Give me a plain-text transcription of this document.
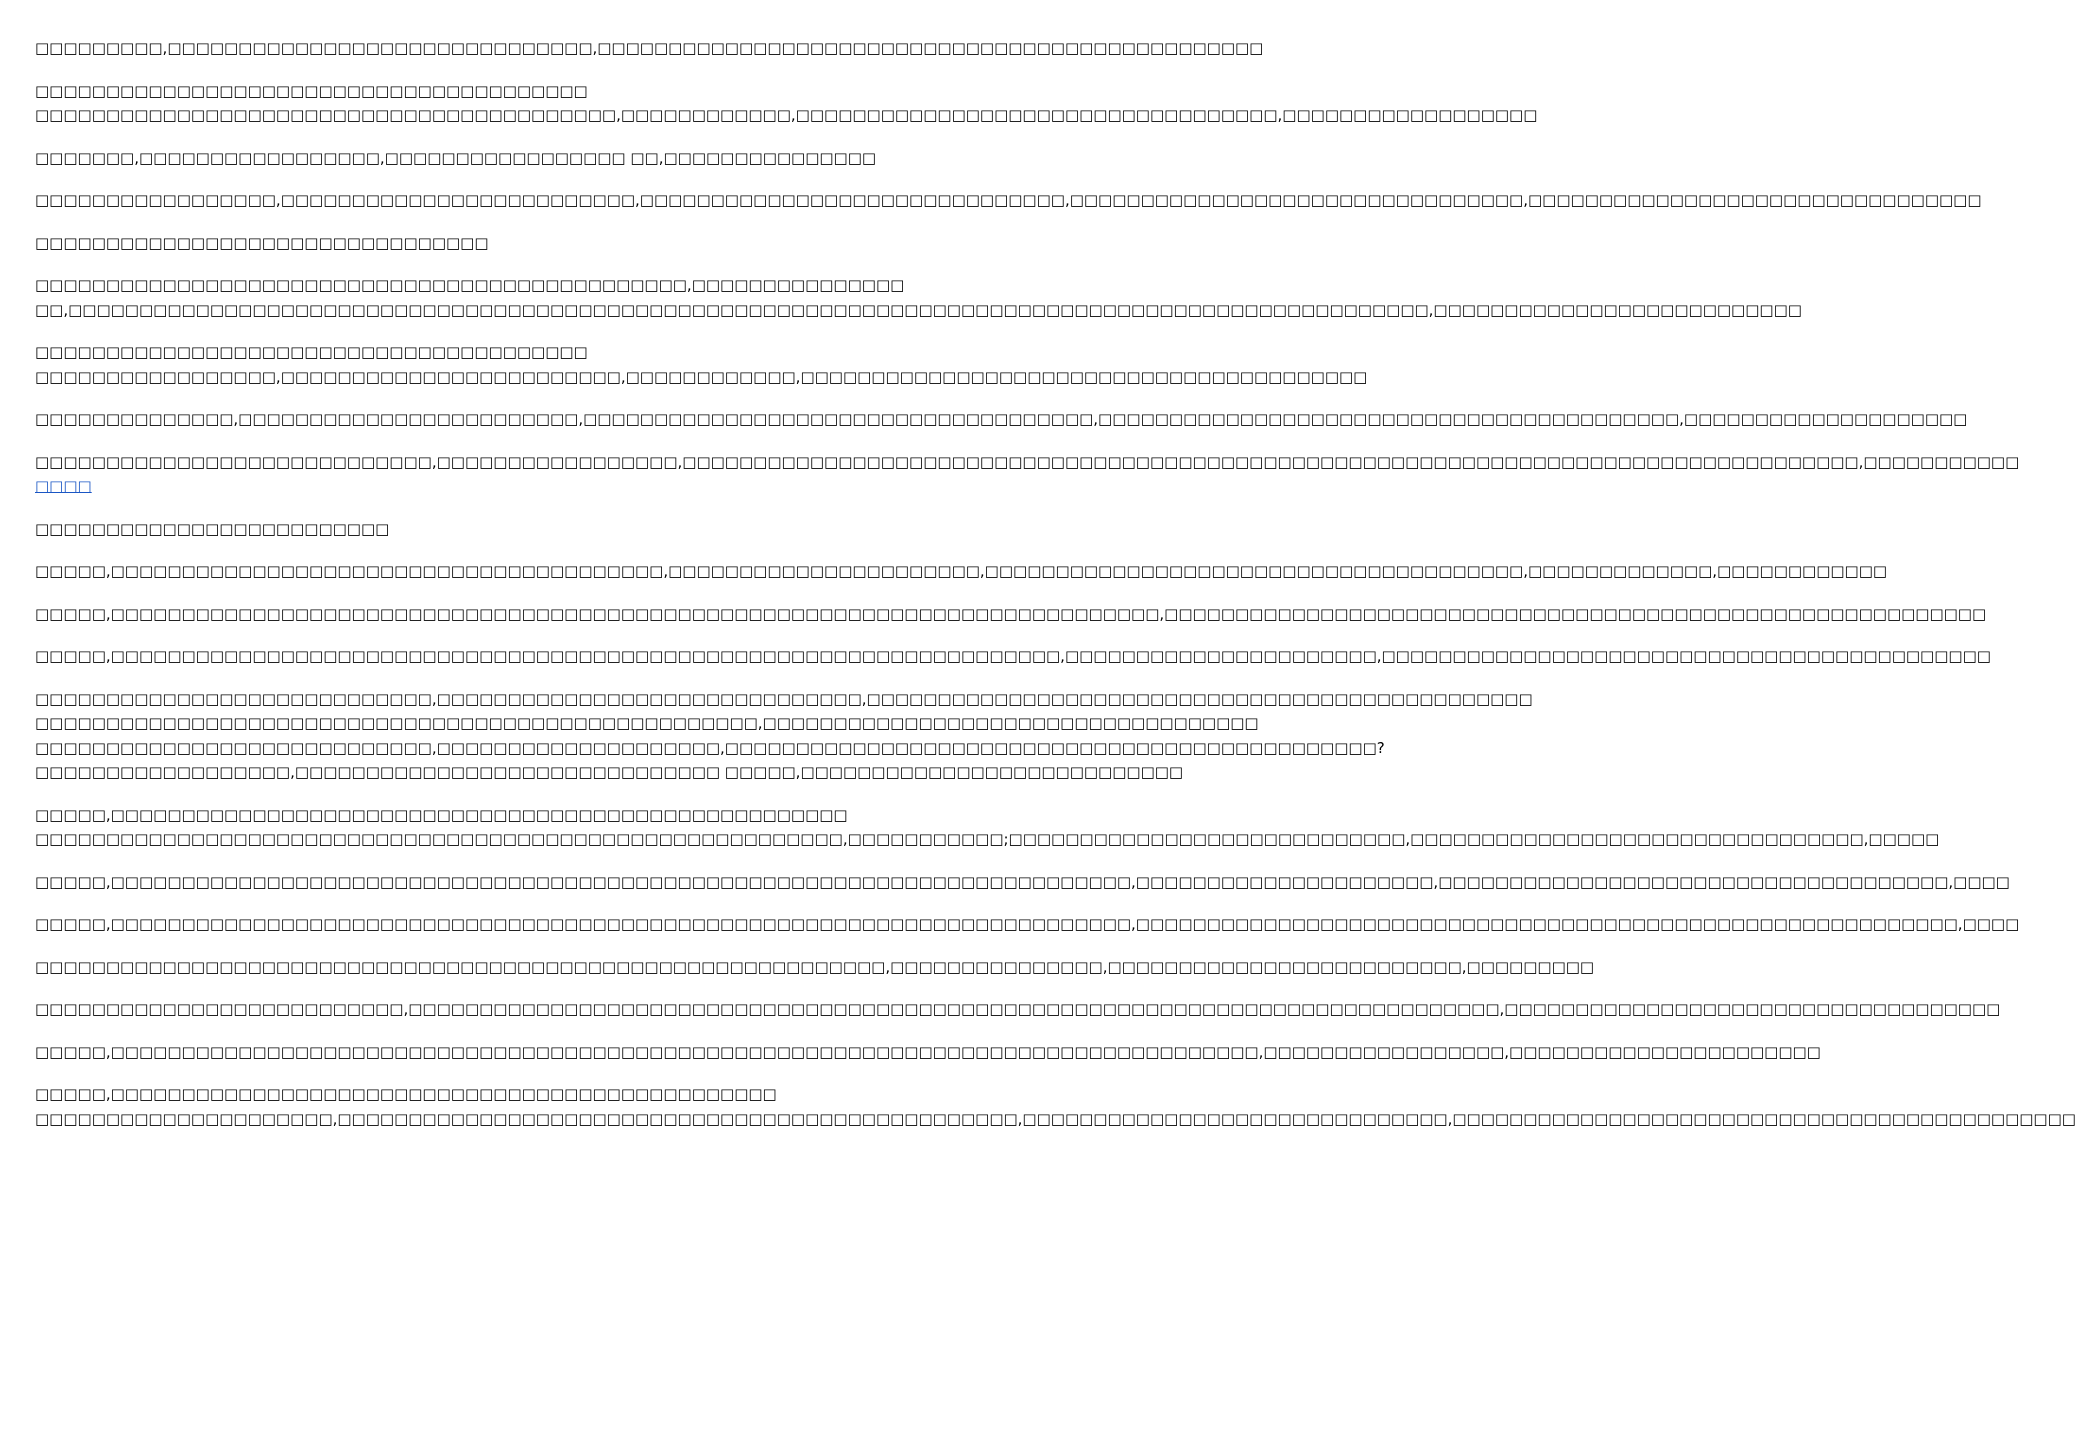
□□□□□□□□□,□□□□□□□□□□□□□□□□□□□□□□□□□□□□□□,□□□□□□□□□□□□□□□□□□□□□□□□□□□□□□□□□□□□□□□□□□□□□□□

□□□□□□□□□□□□□□□□□□□□□□□□□□□□□□□□□□□□□□□
□□□□□□□□□□□□□□□□□□□□□□□□□□□□□□□□□□□□□□□□□,□□□□□□□□□□□□,□□□□□□□□□□□□□□□□□□□□□□□□□□□□□□□□□□,□□□□□□□□□□□□□□□□□□

□□□□□□□,□□□□□□□□□□□□□□□□□,□□□□□□□□□□□□□□□□□ □□,□□□□□□□□□□□□□□□

□□□□□□□□□□□□□□□□□,□□□□□□□□□□□□□□□□□□□□□□□□□,□□□□□□□□□□□□□□□□□□□□□□□□□□□□□□,□□□□□□□□□□□□□□□□□□□□□□□□□□□□□□□□,□□□□□□□□□□□□□□□□□□□□□□□□□□□□□□□□

□□□□□□□□□□□□□□□□□□□□□□□□□□□□□□□□

□□□□□□□□□□□□□□□□□□□□□□□□□□□□□□□□□□□□□□□□□□□□□□,□□□□□□□□□□□□□□□
□□,□□□□□□□□□□□□□□□□□□□□□□□□□□□□□□□□□□□□□□□□□□□□□□□□□□□□□□□□□□□□□□□□□□□□□□□□□□□□□□□□□□□□□□□□□□□□□□□□,□□□□□□□□□□□□□□□□□□□□□□□□□□

□□□□□□□□□□□□□□□□□□□□□□□□□□□□□□□□□□□□□□□
□□□□□□□□□□□□□□□□□,□□□□□□□□□□□□□□□□□□□□□□□□,□□□□□□□□□□□□,□□□□□□□□□□□□□□□□□□□□□□□□□□□□□□□□□□□□□□□□

□□□□□□□□□□□□□□,□□□□□□□□□□□□□□□□□□□□□□□□,□□□□□□□□□□□□□□□□□□□□□□□□□□□□□□□□□□□□,□□□□□□□□□□□□□□□□□□□□□□□□□□□□□□□□□□□□□□□□□,□□□□□□□□□□□□□□□□□□□□

□□□□□□□□□□□□□□□□□□□□□□□□□□□□,□□□□□□□□□□□□□□□□□,□□□□□□□□□□□□□□□□□□□□□□□□□□□□□□□□□□□□□□□□□□□□□□□□□□□□□□□□□□□□□□□□□□□□□□□□□□□□□□□□□□□,□□□□□□□□□□□
□□□□

□□□□□□□□□□□□□□□□□□□□□□□□□

□□□□□,□□□□□□□□□□□□□□□□□□□□□□□□□□□□□□□□□□□□□□□,□□□□□□□□□□□□□□□□□□□□□□,□□□□□□□□□□□□□□□□□□□□□□□□□□□□□□□□□□□□□□,□□□□□□□□□□□□□,□□□□□□□□□□□□

□□□□□,□□□□□□□□□□□□□□□□□□□□□□□□□□□□□□□□□□□□□□□□□□□□□□□□□□□□□□□□□□□□□□□□□□□□□□□□□□,□□□□□□□□□□□□□□□□□□□□□□□□□□□□□□□□□□□□□□□□□□□□□□□□□□□□□□□□□□

□□□□□,□□□□□□□□□□□□□□□□□□□□□□□□□□□□□□□□□□□□□□□□□□□□□□□□□□□□□□□□□□□□□□□□□□□,□□□□□□□□□□□□□□□□□□□□□□,□□□□□□□□□□□□□□□□□□□□□□□□□□□□□□□□□□□□□□□□□□□

□□□□□□□□□□□□□□□□□□□□□□□□□□□□,□□□□□□□□□□□□□□□□□□□□□□□□□□□□□□,□□□□□□□□□□□□□□□□□□□□□□□□□□□□□□□□□□□□□□□□□□□□□□□
□□□□□□□□□□□□□□□□□□□□□□□□□□□□□□□□□□□□□□□□□□□□□□□□□□□,□□□□□□□□□□□□□□□□□□□□□□□□□□□□□□□□□□□
□□□□□□□□□□□□□□□□□□□□□□□□□□□□,□□□□□□□□□□□□□□□□□□□□,□□□□□□□□□□□□□□□□□□□□□□□□□□□□□□□□□□□□□□□□□□□□□□?
□□□□□□□□□□□□□□□□□□,□□□□□□□□□□□□□□□□□□□□□□□□□□□□□□ □□□□□,□□□□□□□□□□□□□□□□□□□□□□□□□□□

□□□□□,□□□□□□□□□□□□□□□□□□□□□□□□□□□□□□□□□□□□□□□□□□□□□□□□□□□□
□□□□□□□□□□□□□□□□□□□□□□□□□□□□□□□□□□□□□□□□□□□□□□□□□□□□□□□□□,□□□□□□□□□□□;□□□□□□□□□□□□□□□□□□□□□□□□□□□□,□□□□□□□□□□□□□□□□□□□□□□□□□□□□□□□□,□□□□□

□□□□□,□□□□□□□□□□□□□□□□□□□□□□□□□□□□□□□□□□□□□□□□□□□□□□□□□□□□□□□□□□□□□□□□□□□□□□□□,□□□□□□□□□□□□□□□□□□□□□,□□□□□□□□□□□□□□□□□□□□□□□□□□□□□□□□□□□□,□□□□

□□□□□,□□□□□□□□□□□□□□□□□□□□□□□□□□□□□□□□□□□□□□□□□□□□□□□□□□□□□□□□□□□□□□□□□□□□□□□□,□□□□□□□□□□□□□□□□□□□□□□□□□□□□□□□□□□□□□□□□□□□□□□□□□□□□□□□□□□,□□□□

□□□□□□□□□□□□□□□□□□□□□□□□□□□□□□□□□□□□□□□□□□□□□□□□□□□□□□□□□□□□,□□□□□□□□□□□□□□□,□□□□□□□□□□□□□□□□□□□□□□□□□,□□□□□□□□□

□□□□□□□□□□□□□□□□□□□□□□□□□□,□□□□□□□□□□□□□□□□□□□□□□□□□□□□□□□□□□□□□□□□□□□□□□□□□□□□□□□□□□□□□□□□□□□□□□□□□□□□□,□□□□□□□□□□□□□□□□□□□□□□□□□□□□□□□□□□□

□□□□□,□□□□□□□□□□□□□□□□□□□□□□□□□□□□□□□□□□□□□□□□□□□□□□□□□□□□□□□□□□□□□□□□□□□□□□□□□□□□□□□□□,□□□□□□□□□□□□□□□□□,□□□□□□□□□□□□□□□□□□□□□□

□□□□□,□□□□□□□□□□□□□□□□□□□□□□□□□□□□□□□□□□□□□□□□□□□□□□□
□□□□□□□□□□□□□□□□□□□□□,□□□□□□□□□□□□□□□□□□□□□□□□□□□□□□□□□□□□□□□□□□□□□□□□,□□□□□□□□□□□□□□□□□□□□□□□□□□□□□□,□□□□□□□□□□□□□□□□□□□□□□□□□□□□□□□□□□□□□□□□□□□□
